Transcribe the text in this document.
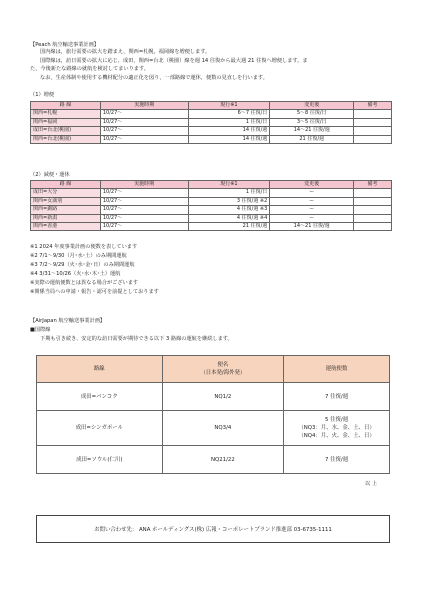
【Peach 航空輸送事業計画】
国内線は，旅行需要の拡大を踏まえ，関西=札幌，福岡線を増便します。
国際線は，訪日需要の拡大に応じ，成田，関西=台北（桃園）線を週 14 往復から最大週 21 往復へ増便します。ま
た，今後新たな路線の就航を検討してまいります。
なお，生産体制や使用する機材配分の適正化を図り，一部路線で運休，便数の見直しを行います。
（1）増便
路 線	実施時期	現行※1	変更後	備考
関西=札幌	10/27～	6～7 往復/日	5～8 往復/日	
関西=福岡	10/27～	1 往復/日	3～5 往復/日	
成田=台北(桃園)	10/27～	14 往復/週	14～21 往復/週	
関西=台北(桃園)	10/27～	14 往復/週	21 往復/週	
（2）減便・運休
路 線	実施時期	現行※1	変更後	備考
成田=大分	10/27～	1 往復/日	ー	
関西=女満別	10/27～	3 往復/週 ※2	ー	
関西=釧路	10/27～	4 往復/週 ※3	ー	
関西=新潟	10/27～	4 往復/週 ※4	ー	
関西=香港	10/27～	21 往復/週	14～21 往復/週	
※1 2024 年度事業計画の便数を表しています
※2 7/1～9/30（月･水･土）のみ期間運航
※3 7/2～9/29（火･水･金･日）のみ期間運航
※4 3/31～10/26（火･水･木･土）運航
※実際の運航便数とは異なる場合がございます
※関係当局への申請・報告・認可を前提としております
【AirJapan 航空輸送事業計画】
■国際線
下期も引き続き、安定的な訪日需要が期待できる以下 3 路線の運航を継続します。
路線	便名
（日本発/海外発）	運航便数
成田=バンコク	NQ1/2	7 往復/週
成田=シンガポール	NQ3/4	5 往復/週
（NQ3：月、水、金、土、日）
（NQ4：月、火、金、土、日）

成田=ソウル(仁川)	NQ21/22	7 往復/週
以 上
お問い合わせ先： ANA ホールディングス(株) 広報・コーポレートブランド推進部 03-6735-1111
